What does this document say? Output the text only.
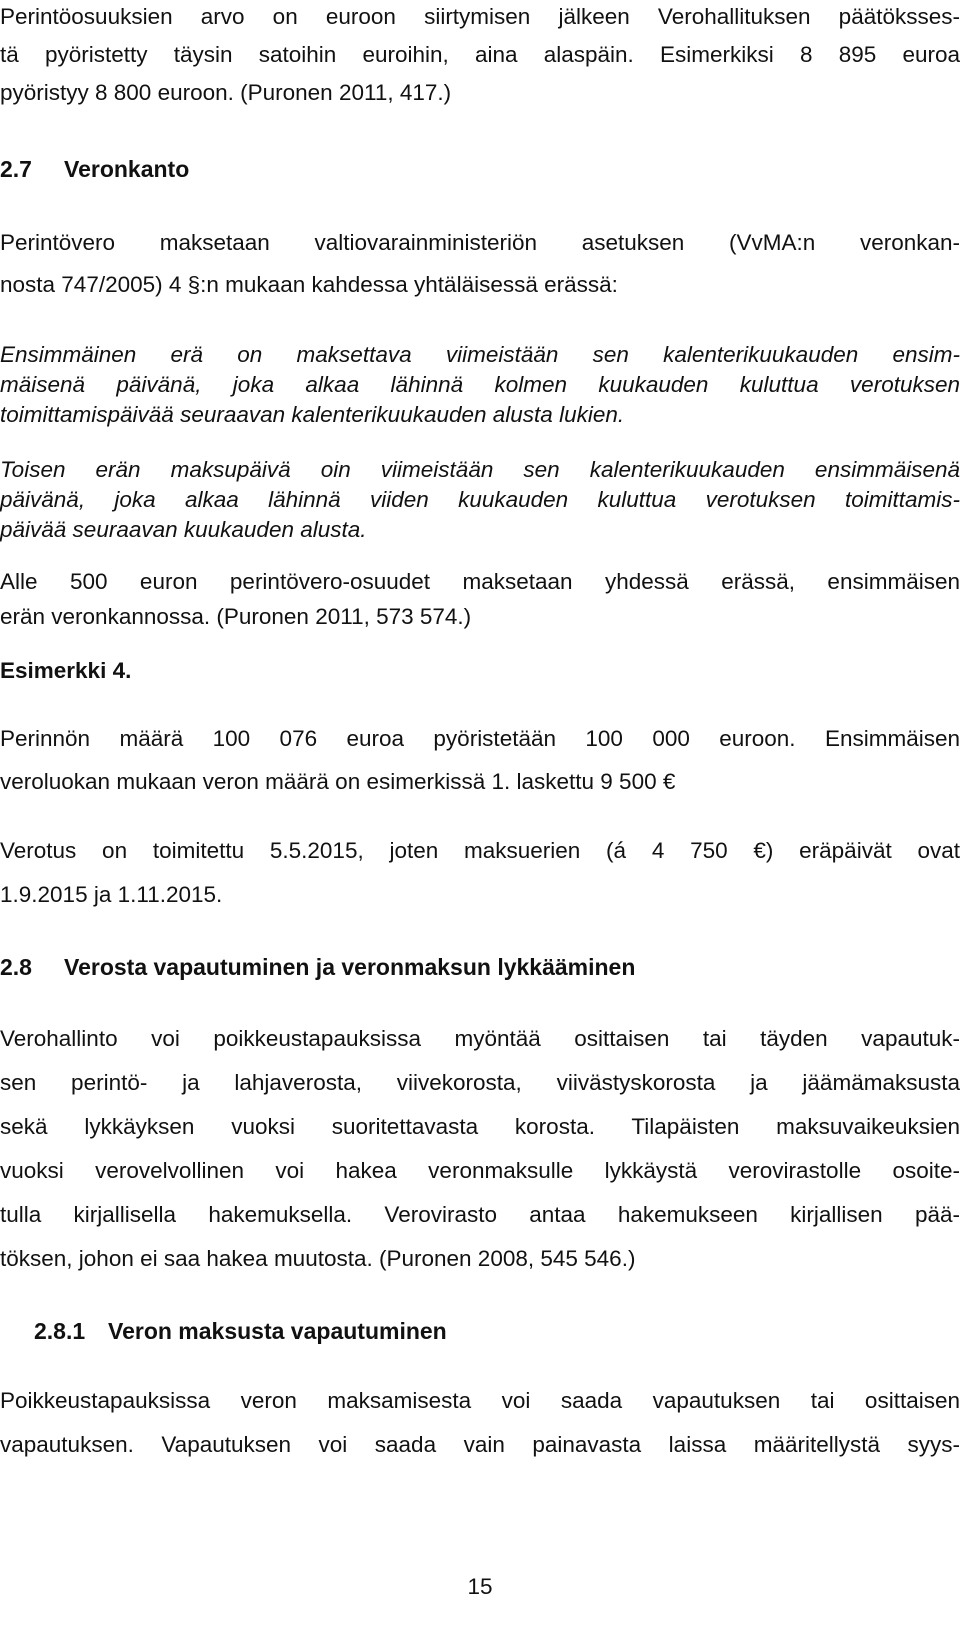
Perintöosuuksien arvo on euroon siirtymisen jälkeen Verohallituksen päätöksses-
tä pyöristetty täysin satoihin euroihin, aina alaspäin. Esimerkiksi 8 895 euroa
pyöristyy 8 800 euroon. (Puronen 2011, 417.)
2.7 Veronkanto
Perintövero maksetaan valtiovarainministeriön asetuksen (VvMA:n veronkan-
nosta 747/2005) 4 §:n mukaan kahdessa yhtäläisessä erässä:
Ensimmäinen erä on maksettava viimeistään sen kalenterikuukauden ensim-
mäisenä päivänä, joka alkaa lähinnä kolmen kuukauden kuluttua verotuksen
toimittamispäivää seuraavan kalenterikuukauden alusta lukien.
Toisen erän maksupäivä oin viimeistään sen kalenterikuukauden ensimmäisenä
päivänä, joka alkaa lähinnä viiden kuukauden kuluttua verotuksen toimittamis-
päivää seuraavan kuukauden alusta.
Alle 500 euron perintövero-osuudet maksetaan yhdessä erässä, ensimmäisen
erän veronkannossa. (Puronen 2011, 573 574.)
Esimerkki 4.
Perinnön määrä 100 076 euroa pyöristetään 100 000 euroon. Ensimmäisen
veroluokan mukaan veron määrä on esimerkissä 1. laskettu 9 500 €
Verotus on toimitettu 5.5.2015, joten maksuerien (á 4 750 €) eräpäivät ovat
1.9.2015 ja 1.11.2015.
2.8 Verosta vapautuminen ja veronmaksun lykkääminen
Verohallinto voi poikkeustapauksissa myöntää osittaisen tai täyden vapautuk-
sen perintö- ja lahjaverosta, viivekorosta, viivästyskorosta ja jäämämaksusta
sekä lykkäyksen vuoksi suoritettavasta korosta. Tilapäisten maksuvaikeuksien
vuoksi verovelvollinen voi hakea veronmaksulle lykkäystä verovirastolle osoite-
tulla kirjallisella hakemuksella. Verovirasto antaa hakemukseen kirjallisen pää-
töksen, johon ei saa hakea muutosta. (Puronen 2008, 545 546.)
2.8.1 Veron maksusta vapautuminen
Poikkeustapauksissa veron maksamisesta voi saada vapautuksen tai osittaisen
vapautuksen. Vapautuksen voi saada vain painavasta laissa määritellystä syys-
15
